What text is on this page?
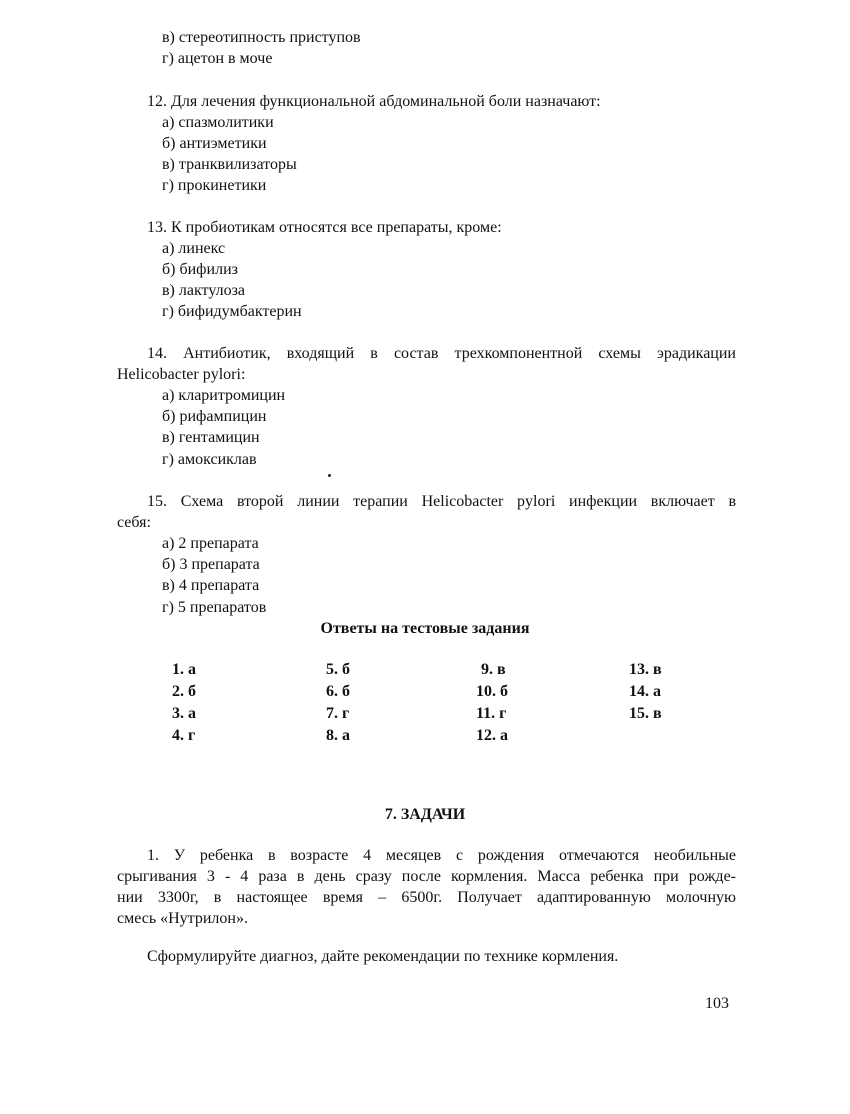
в) стереотипность приступов
г) ацетон в моче
12. Для лечения функциональной абдоминальной боли назначают:
а) спазмолитики
б) антиэметики
в) транквилизаторы
г) прокинетики
13. К пробиотикам относятся все препараты, кроме:
а) линекс
б) бифилиз
в) лактулоза
г) бифидумбактерин
14. Антибиотик, входящий в состав трехкомпонентной схемы эрадикации
Helicobacter pylori:
а) кларитромицин
б) рифампицин
в) гентамицин
г) амоксиклав
15. Схема второй линии терапии Helicobacter pylori инфекции включает в
себя:
а) 2 препарата
б) 3 препарата
в) 4 препарата
г) 5 препаратов
Ответы на тестовые задания
1. а
2. б
3. а
4. г
5. б
6. б
7. г
8. а
9. в
10. б
11. г
12. а
13. в
14. а
15. в
7. ЗАДАЧИ
1. У ребенка в возрасте 4 месяцев с рождения отмечаются необильные
срыгивания 3 - 4 раза в день сразу после кормления. Масса ребенка при рожде-
нии 3300г, в настоящее время – 6500г. Получает адаптированную молочную
смесь «Нутрилон».
Сформулируйте диагноз, дайте рекомендации по технике кормления.
103
